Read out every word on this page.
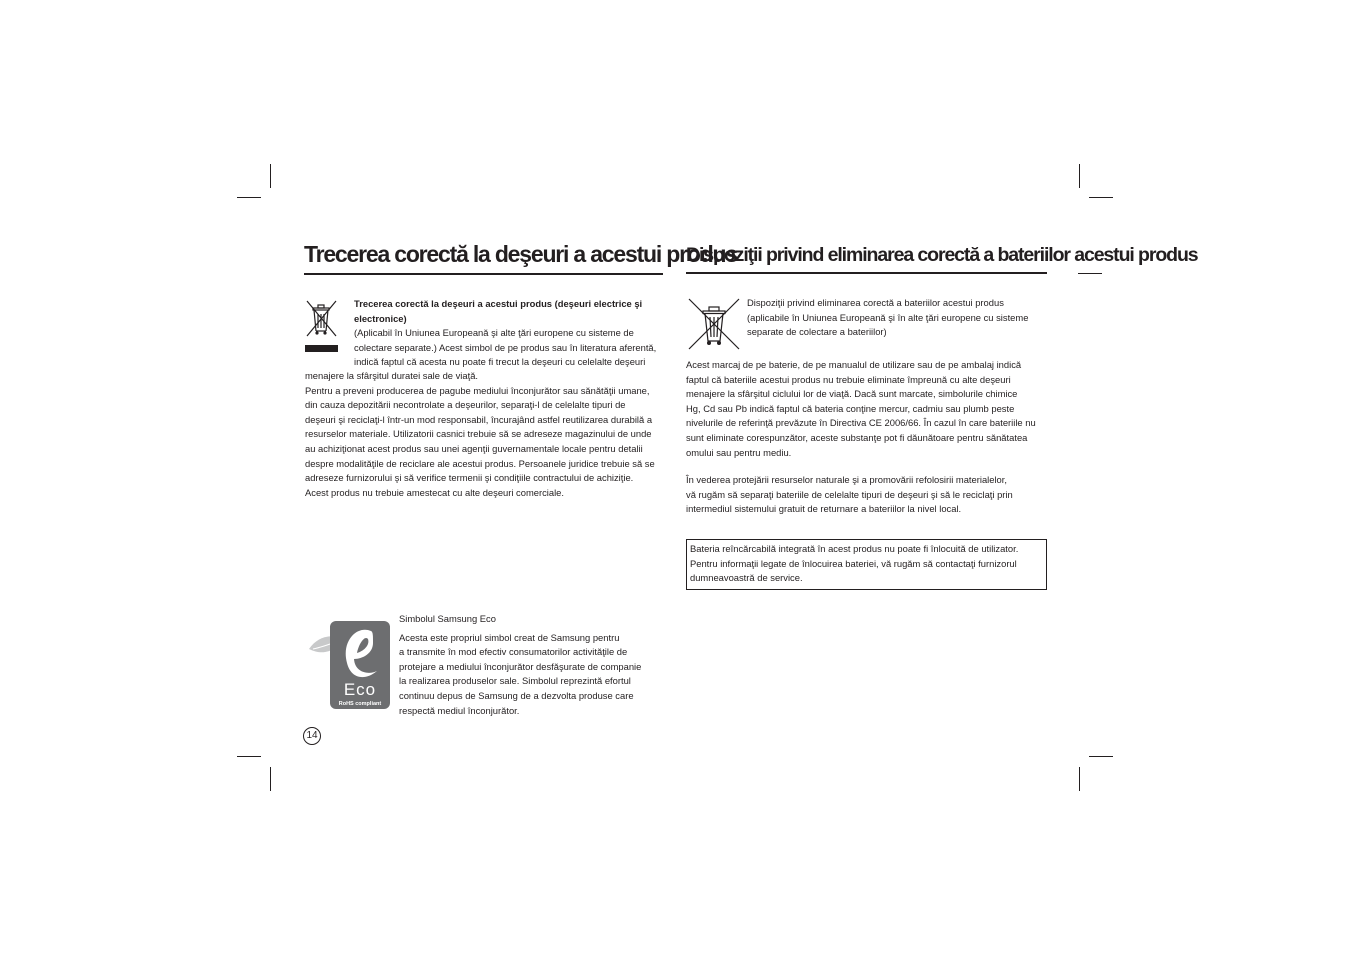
Trecerea corectă la deşeuri a acestui produs

Trecerea corectă la deşeuri a acestui produs (deşeuri electrice şi electronice)

(Aplicabil în Uniunea Europeană şi alte ţări europene cu sisteme de

colectare separate.) Acest simbol de pe produs sau în literatura aferentă,

indică faptul că acesta nu poate fi trecut la deşeuri cu celelalte deşeuri

menajere la sfârşitul duratei sale de viaţă.

Pentru a preveni producerea de pagube mediului înconjurător sau sănătăţii umane,

din cauza depozitării necontrolate a deşeurilor, separaţi-l de celelalte tipuri de

deşeuri şi reciclaţi-l într-un mod responsabil, încurajând astfel reutilizarea durabilă a

resurselor materiale. Utilizatorii casnici trebuie să se adreseze magazinului de unde

au achiziţionat acest produs sau unei agenţii guvernamentale locale pentru detalii

despre modalităţile de reciclare ale acestui produs. Persoanele juridice trebuie să se

adreseze furnizorului şi să verifice termenii şi condiţiile contractului de achiziţie.

Acest produs nu trebuie amestecat cu alte deşeuri comerciale.

Eco
RoHS compliant

Simbolul Samsung Eco

Acesta este propriul simbol creat de Samsung pentru

a transmite în mod efectiv consumatorilor activităţile de

protejare a mediului înconjurător desfăşurate de companie

la realizarea produselor sale. Simbolul reprezintă efortul

continuu depus de Samsung de a dezvolta produse care

respectă mediul înconjurător.

14
Dispoziţii privind eliminarea corectă a bateriilor acestui produs

Dispoziţii privind eliminarea corectă a bateriilor acestui produs

(aplicabile în Uniunea Europeană şi în alte ţări europene cu sisteme

separate de colectare a bateriilor)

Acest marcaj de pe baterie, de pe manualul de utilizare sau de pe ambalaj indică

faptul că bateriile acestui produs nu trebuie eliminate împreună cu alte deşeuri

menajere la sfârşitul ciclului lor de viaţă. Dacă sunt marcate, simbolurile chimice

Hg, Cd sau Pb indică faptul că bateria conţine mercur, cadmiu sau plumb peste

nivelurile de referinţă prevăzute în Directiva CE 2006/66. În cazul în care bateriile nu

sunt eliminate corespunzător, aceste substanţe pot fi dăunătoare pentru sănătatea

omului sau pentru mediu.

În vederea protejării resurselor naturale şi a promovării refolosirii materialelor,

vă rugăm să separaţi bateriile de celelalte tipuri de deşeuri şi să le reciclaţi prin

intermediul sistemului gratuit de returnare a bateriilor la nivel local.

Bateria reîncărcabilă integrată în acest produs nu poate fi înlocuită de utilizator.
Pentru informaţii legate de înlocuirea bateriei, vă rugăm să contactaţi furnizorul
dumneavoastră de service.
